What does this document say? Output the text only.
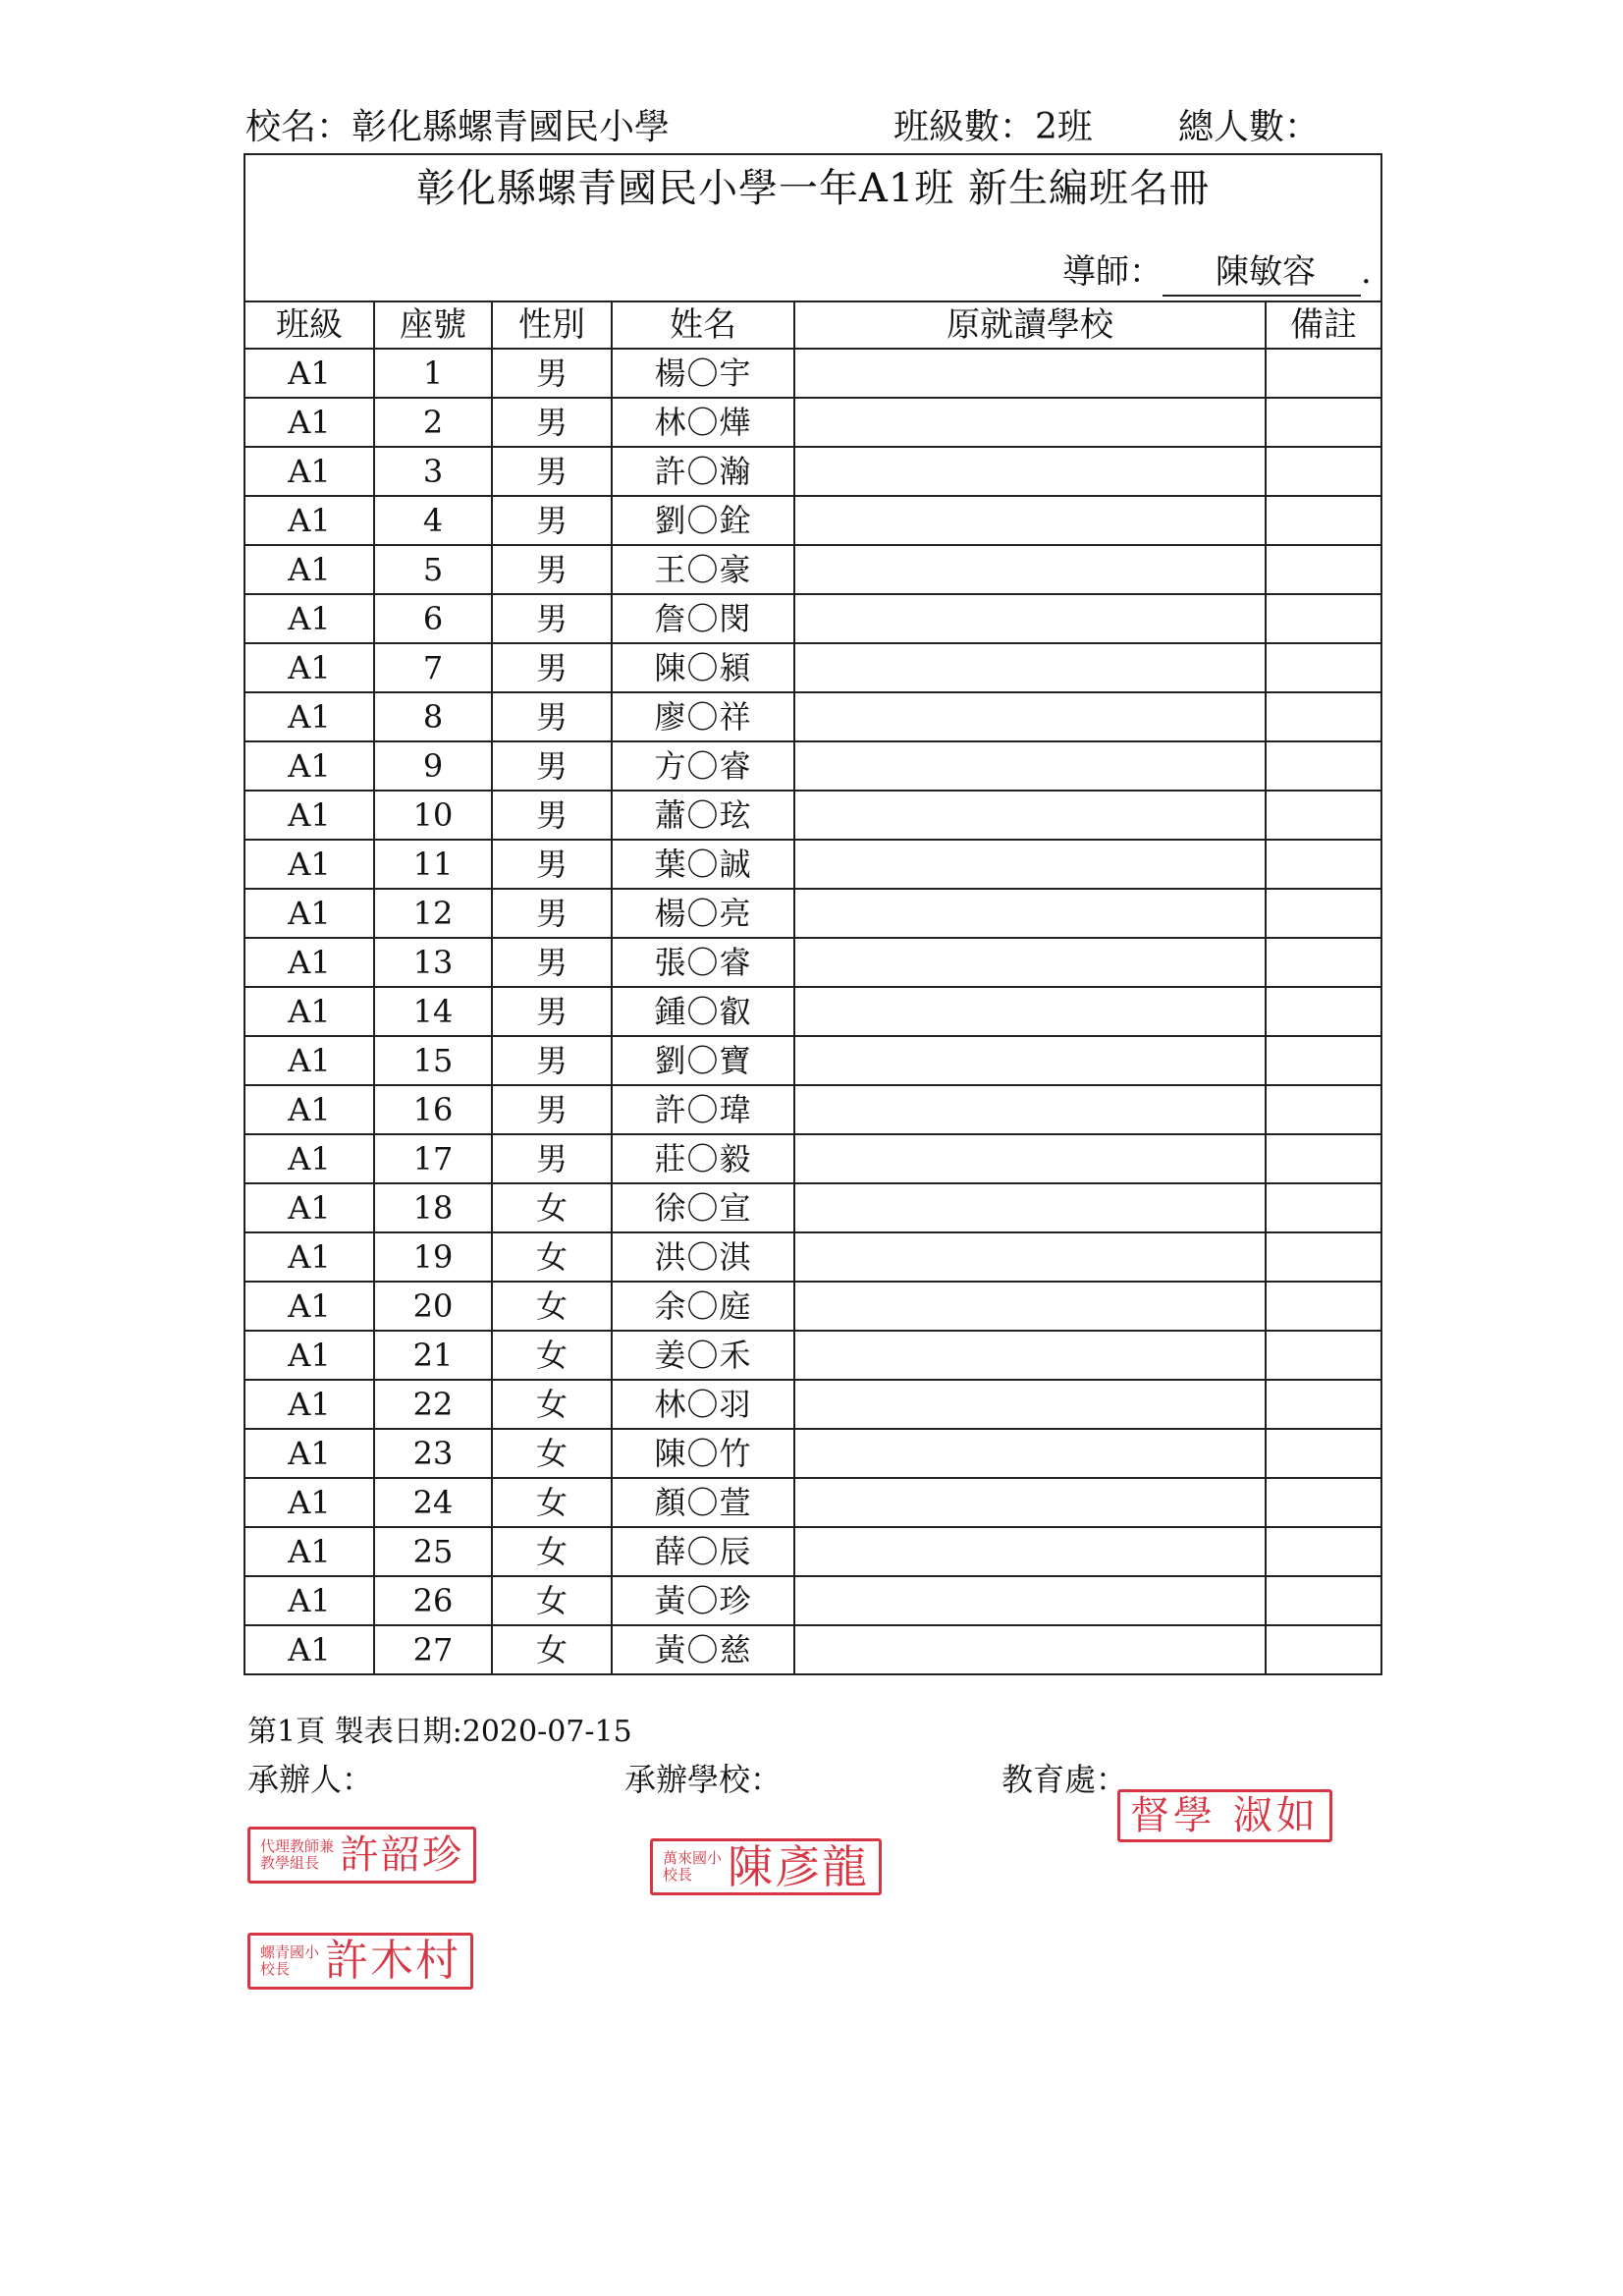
校名：彰化縣螺青國民小學	班級數：2班 總人數：
彰化縣螺青國民小學一年A1班 新生編班名冊
導師： 陳敏容 .
班級	座號	性別	姓名	原就讀學校	備註
A1	1	男	楊〇宇		
A1	2	男	林〇燁		
A1	3	男	許〇瀚		
A1	4	男	劉〇銓		
A1	5	男	王〇豪		
A1	6	男	詹〇閔		
A1	7	男	陳〇潁		
A1	8	男	廖〇祥		
A1	9	男	方〇睿		
A1	10	男	蕭〇玹		
A1	11	男	葉〇誠		
A1	12	男	楊〇亮		
A1	13	男	張〇睿		
A1	14	男	鍾〇叡		
A1	15	男	劉〇寶		
A1	16	男	許〇瑋		
A1	17	男	莊〇毅		
A1	18	女	徐〇宣		
A1	19	女	洪〇淇		
A1	20	女	余〇庭		
A1	21	女	姜〇禾		
A1	22	女	林〇羽		
A1	23	女	陳〇竹		
A1	24	女	顏〇萱		
A1	25	女	薛〇辰		
A1	26	女	黃〇珍		
A1	27	女	黃〇慈		
第1頁 製表日期:2020-07-15
承辦人：	承辦學校：	教育處：
代理教師兼
教學組長 許韶珍	萬來國小
校長 陳彥龍
督學 淑如
螺青國小
校長 許木村
